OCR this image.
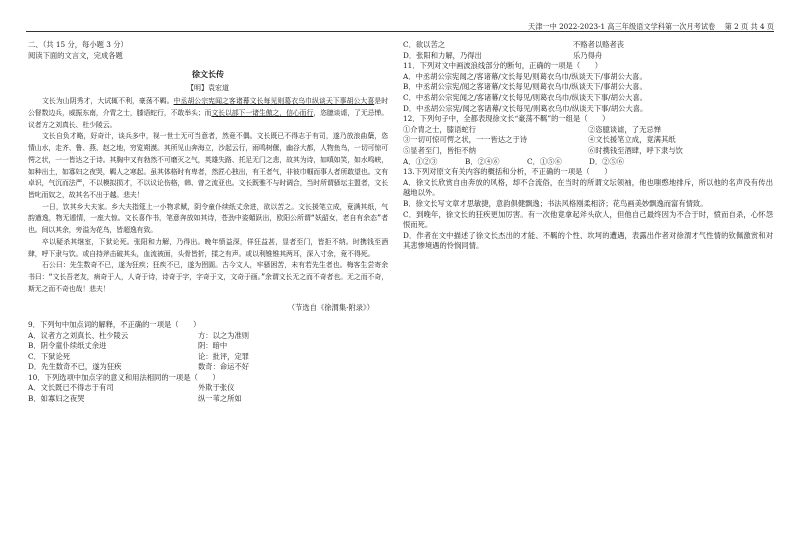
天津一中 2022-2023-1 高三年级语文学科第一次月考试卷　 第 2 页 共 4 页

二、（共 15 分，每小题 3 分）

阅读下面的文言文，完成各题

徐文长传
【明】袁宏道

文长为山阴秀才，大试辄不利，豪荡不羁。中丞胡公宗宪闻之客诸幕文长每见则葛衣乌巾纵谈天下事胡公大喜是时公督数边兵，威振东南，介胄之士，膝语蛇行，不敢举头；而文长以部下一诸生傲之，信心而行，恣臆谈谑，了无忌惮。议者方之刘真长、杜少陵云。

文长自负才略，好奇计，谈兵多中，视一世士无可当意者，然竟不偶。文长既已不得志于有司，遂乃放浪曲蘖，恣情山水，走齐、鲁、燕、赵之地，穷览朔漠。其所见山奔海立，沙起云行，雨鸣树偃，幽谷大都，人物鱼鸟，一切可惊可愕之状，一一皆达之于诗。其胸中又有勃然不可磨灭之气，英雄失路、托足无门之悲，故其为诗，如嗔如笑，如水鸣峡，如种出土，如寡妇之夜哭，羁人之寒起。虽其体格时有卑者，然匠心独出，有王者气，非彼巾帼而事人者所敢望也。文有卓识，气沉而法严，不以模拟损才，不以议论伤格，韩、曾之流亚也。文长既雅不与时调合，当时所谓骚坛主盟者，文长皆叱而奴之，故其名不出于越。悲夫！

一日，饮其乡大夫家。乡大夫指筵上一小物求赋，阴令童仆续纸丈余进，欲以苦之。文长援笔立成，竟满其纸，气韵遒逸，物无遁情，一座大惊。文长喜作书，笔意奔放如其诗，苍劲中姿媚跃出，欧阳公所谓“妖韶女，老自有余态”者也。间以其余，旁溢为花鸟，皆超逸有致。

卒以疑杀其继室，下狱论死。张阳和力解，乃得出。晚年愤益深，佯狂益甚，显者至门，皆拒不纳。时携钱至酒肆，呼下隶与饮。或自持斧击破其头，血流被面，头骨皆折，揉之有声。或以利锥锥其两耳，深入寸余，竟不得死。

石公曰：先生数奇不已，遂为狂疾；狂疾不已，遂为囹圄。古今文人，牢骚困苦，未有若先生者也。梅客生尝寄余书曰：“文长吾老友，病奇于人，人奇于诗，诗奇于字，字奇于文，文奇于画。”余谓文长无之而不奇者也。无之而不奇，斯无之而不奇也哉！悲夫！

（节选自《徐渭集·附录》）

9．下列句中加点词的解释，不正确的一项是（　　）

A．议者方之刘真长、杜少陵云	方：以之为准则
B．阴令童仆续纸丈余进	阴：暗中
C．下狱论死	论：批评，定罪
D．先生数奇不已，遂为狂疾	数奇：命运不好

10．下列选项中加点字的意义和用法相同的一项是（　　）

A．文长既已不得志于有司	外欺于张仪
B．如寡妇之夜哭	纵一苇之所如
C．欲以苦之	不赂者以赂者丧
D．张阳和力解，乃得出	乐乃得舟

11．下列对文中画波浪线部分的断句，正确的一项是（　　）

A．中丞胡公宗宪闻之/客诸幕/文长每见/则葛衣乌巾/纵谈天下/事胡公大喜。

B．中丞胡公宗宪/闻之客诸幕/文长每见/则葛衣乌巾/纵谈天下/事胡公大喜。

C．中丞胡公宗宪闻之/客诸幕/文长每见/则葛衣乌巾/纵谈天下事/胡公大喜。

D．中丞胡公宗宪/闻之客诸幕/文长每见/则葛衣乌巾/纵谈天下事/胡公大喜。

12．下列句子中，全都表现徐文长“豪荡不羁”的一组是（　　）

①介胄之士，膝语蛇行	②恣臆谈谑，了无忌惮
③一切可惊可愕之状，一一皆达之于诗	④文长援笔立成，竟满其纸
⑤显者至门，皆拒不纳	⑥时携钱至酒肆，呼下隶与饮
A．①②③	B．②④⑥	C．①⑤⑥	D．②⑤⑥

13.下列对原文有关内容的概括和分析，不正确的一项是（　　）

A．徐文长欣赏自由奔放的风格，却不合流俗，在当时的所谓文坛领袖，他也嗤憨地排斥，所以他的名声没有传出越地以外。

B．徐文长写文章才思敏捷，意韵俱健飘逸；书法风格刚柔相济；花鸟画美妙飘逸而富有情致。

C．到晚年，徐文长的狂疾更加厉害。有一次他竟拿起斧头砍人，但他自己最终因为不合于时，愤而自杀，心怀怨恨而死。

D．作者在文中描述了徐文长杰出的才能、不羁的个性、坎坷的遭遇，表露出作者对徐渭才气性情的钦佩激赏和对其悲惨境遇的怜悯同情。
